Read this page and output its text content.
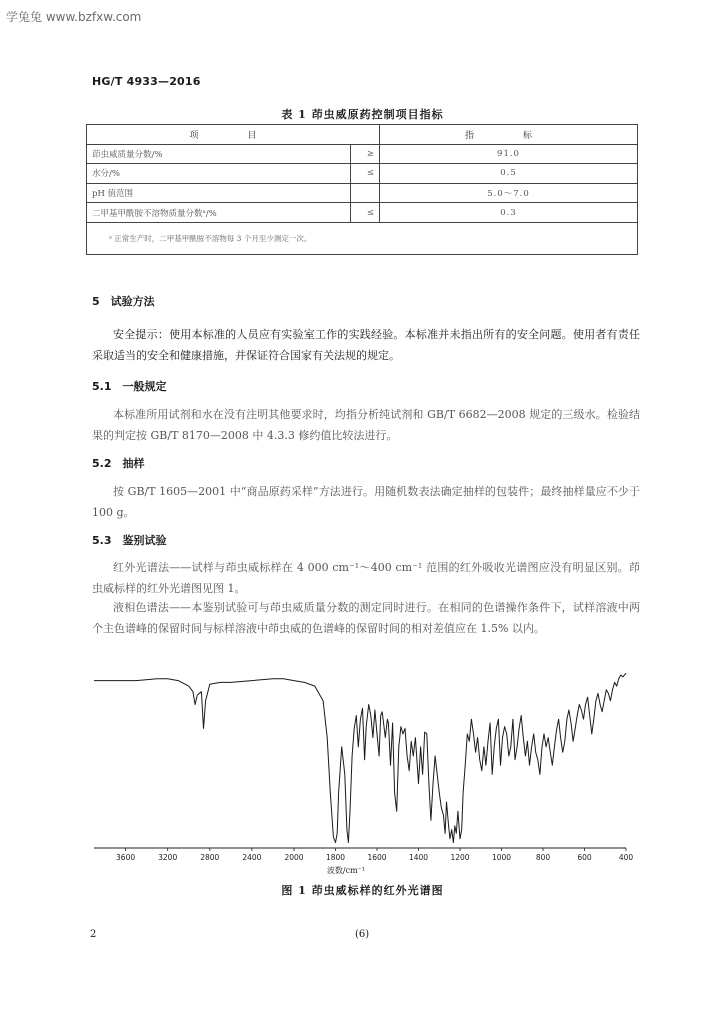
学兔兔 www.bzfxw.com
HG/T 4933—2016
表 1 茚虫威原药控制项目指标
项　目		指　标
茚虫威质量分数/%	≥	91.0
水分/%	≤	0.5
pH 值范围		5.0～7.0
二甲基甲酰胺不溶物质量分数ᵃ/%	≤	0.3
ᵃ 正常生产时，二甲基甲酰胺不溶物每 3 个月至少测定一次。		
5　试验方法
安全提示：使用本标准的人员应有实验室工作的实践经验。本标准并未指出所有的安全问题。使用者有责任采取适当的安全和健康措施，并保证符合国家有关法规的规定。
5.1　一般规定
本标准所用试剂和水在没有注明其他要求时，均指分析纯试剂和 GB/T 6682—2008 规定的三级水。检验结果的判定按 GB/T 8170—2008 中 4.3.3 修约值比较法进行。
5.2　抽样
按 GB/T 1605—2001 中“商品原药采样”方法进行。用随机数表法确定抽样的包装件；最终抽样量应不少于 100 g。
5.3　鉴别试验
红外光谱法——试样与茚虫威标样在 4 000 cm⁻¹～400 cm⁻¹ 范围的红外吸收光谱图应没有明显区别。茚虫威标样的红外光谱图见图 1。
液相色谱法——本鉴别试验可与茚虫威质量分数的测定同时进行。在相同的色谱操作条件下，试样溶液中两个主色谱峰的保留时间与标样溶液中茚虫威的色谱峰的保留时间的相对差值应在 1.5% 以内。
3600	3200	2800	2400	2000	1800	1600	1400	1200	1000	800	600	400
波数/cm⁻¹
图 1 茚虫威标样的红外光谱图
2	(6)
